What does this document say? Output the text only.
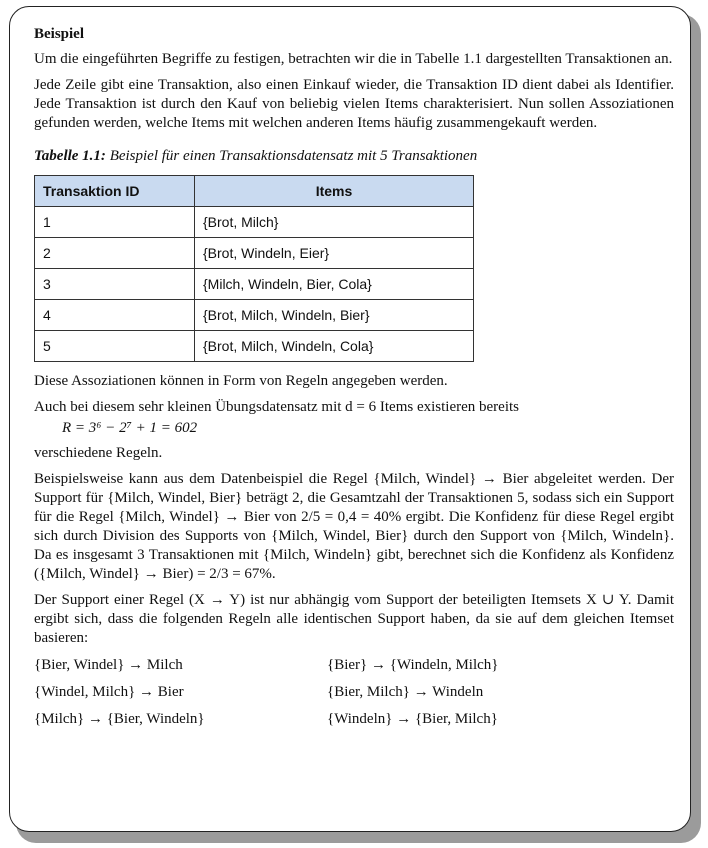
Beispiel

Um die eingeführten Begriffe zu festigen, betrachten wir die in Tabelle 1.1 dargestellten Transaktionen an.

Jede Zeile gibt eine Transaktion, also einen Einkauf wieder, die Transaktion ID dient dabei als Identifier. Jede Transaktion ist durch den Kauf von beliebig vielen Items charakterisiert. Nun sollen Assoziationen gefunden werden, welche Items mit welchen anderen Items häufig zusammengekauft werden.

Tabelle 1.1: Beispiel für einen Transaktionsdatensatz mit 5 Transaktionen
Transaktion ID	Items
1	{Brot, Milch}
2	{Brot, Windeln, Eier}
3	{Milch, Windeln, Bier, Cola}
4	{Brot, Milch, Windeln, Bier}
5	{Brot, Milch, Windeln, Cola}

Diese Assoziationen können in Form von Regeln angegeben werden.

Auch bei diesem sehr kleinen Übungsdatensatz mit d = 6 Items existieren bereits

R = 3⁶ − 2⁷ + 1 = 602

verschiedene Regeln.

Beispielsweise kann aus dem Datenbeispiel die Regel {Milch, Windel} → Bier abgeleitet werden. Der Support für {Milch, Windel, Bier} beträgt 2, die Gesamtzahl der Transaktionen 5, sodass sich ein Support für die Regel {Milch, Windel} → Bier von 2/5 = 0,4 = 40% ergibt. Die Konfidenz für diese Regel ergibt sich durch Division des Supports von {Milch, Windel, Bier} durch den Support von {Milch, Windeln}. Da es insgesamt 3 Transaktionen mit {Milch, Windeln} gibt, berechnet sich die Konfidenz als Konfidenz ({Milch, Windel} → Bier) = 2/3 = 67%.

Der Support einer Regel (X → Y) ist nur abhängig vom Support der beteiligten Itemsets X ∪ Y. Damit ergibt sich, dass die folgenden Regeln alle identischen Support haben, da sie auf dem gleichen Itemset basieren:

{Bier, Windel} → Milch	{Bier} → {Windeln, Milch}
{Windel, Milch} → Bier	{Bier, Milch} → Windeln
{Milch} → {Bier, Windeln}	{Windeln} → {Bier, Milch}
